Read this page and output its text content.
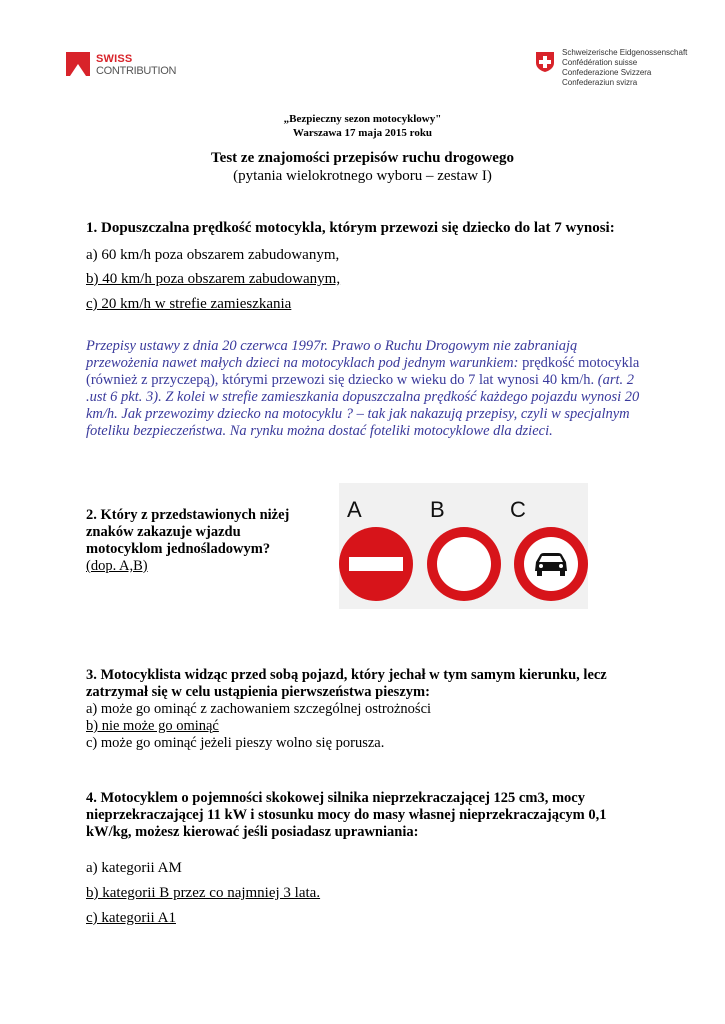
SWISS
CONTRIBUTION
Schweizerische Eidgenossenschaft
Confédération suisse
Confederazione Svizzera
Confederaziun svizra
„Bezpieczny sezon motocyklowy"
Warszawa 17 maja 2015 roku
Test ze znajomości przepisów ruchu drogowego
(pytania wielokrotnego wyboru – zestaw I)
1. Dopuszczalna prędkość motocykla, którym przewozi się dziecko do lat 7 wynosi:
a) 60 km/h poza obszarem zabudowanym,
b) 40 km/h poza obszarem zabudowanym,
c) 20 km/h w strefie zamieszkania
Przepisy ustawy z dnia 20 czerwca 1997r. Prawo o Ruchu Drogowym nie zabraniają przewożenia nawet małych dzieci na motocyklach pod jednym warunkiem: prędkość motocykla (również z przyczepą), którymi przewozi się dziecko w wieku do 7 lat wynosi 40 km/h. (art. 2 .ust 6 pkt. 3). Z kolei w strefie zamieszkania dopuszczalna prędkość każdego pojazdu wynosi 20 km/h. Jak przewozimy dziecko na motocyklu ? – tak jak nakazują przepisy, czyli w specjalnym foteliku bezpieczeństwa. Na rynku można dostać foteliki motocyklowe dla dzieci.
2. Który z przedstawionych niżej znaków zakazuje wjazdu motocyklom jednośladowym?
(dop. A,B)
A	B	C
3. Motocyklista widząc przed sobą pojazd, który jechał w tym samym kierunku, lecz zatrzymał się w celu ustąpienia pierwszeństwa pieszym:
a) może go ominąć z zachowaniem szczególnej ostrożności
b) nie może go ominąć
c) może go ominąć jeżeli pieszy wolno się porusza.
4. Motocyklem o pojemności skokowej silnika nieprzekraczającej 125 cm3, mocy nieprzekraczającej 11 kW i stosunku mocy do masy własnej nieprzekraczającym 0,1 kW/kg, możesz kierować jeśli posiadasz uprawniania:
a) kategorii AM
b) kategorii B przez co najmniej 3 lata.
c) kategorii A1
